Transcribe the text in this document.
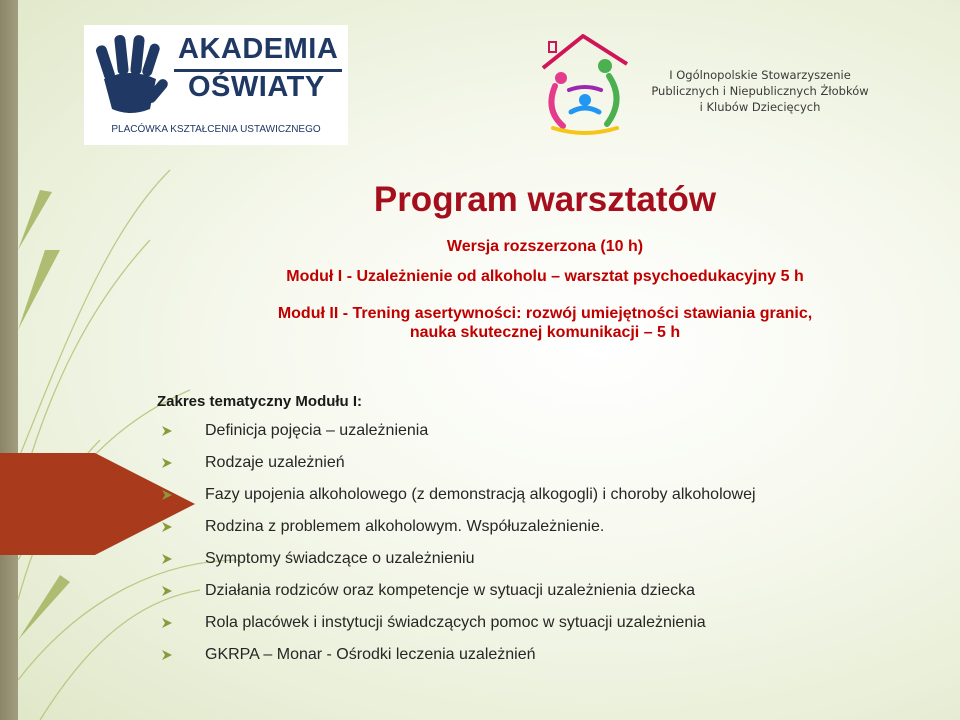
AKADEMIA
OŚWIATY
PLACÓWKA KSZTAŁCENIA USTAWICZNEGO
I Ogólnopolskie Stowarzyszenie
Publicznych i Niepublicznych Żłobków
i Klubów Dziecięcych
Program warsztatów
Wersja rozszerzona (10 h)
Moduł I - Uzależnienie od alkoholu – warsztat psychoedukacyjny 5 h
Moduł II - Trening asertywności: rozwój umiejętności stawiania granic,
nauka skutecznej komunikacji – 5 h
Zakres tematyczny Modułu I:
Definicja pojęcia – uzależnienia
Rodzaje uzależnień
Fazy upojenia alkoholowego (z demonstracją alkogogli) i choroby alkoholowej
Rodzina z problemem alkoholowym. Współuzależnienie.
Symptomy świadczące o uzależnieniu
Działania rodziców oraz kompetencje w sytuacji uzależnienia dziecka
Rola placówek i instytucji świadczących pomoc w sytuacji uzależnienia
GKRPA – Monar - Ośrodki leczenia uzależnień
